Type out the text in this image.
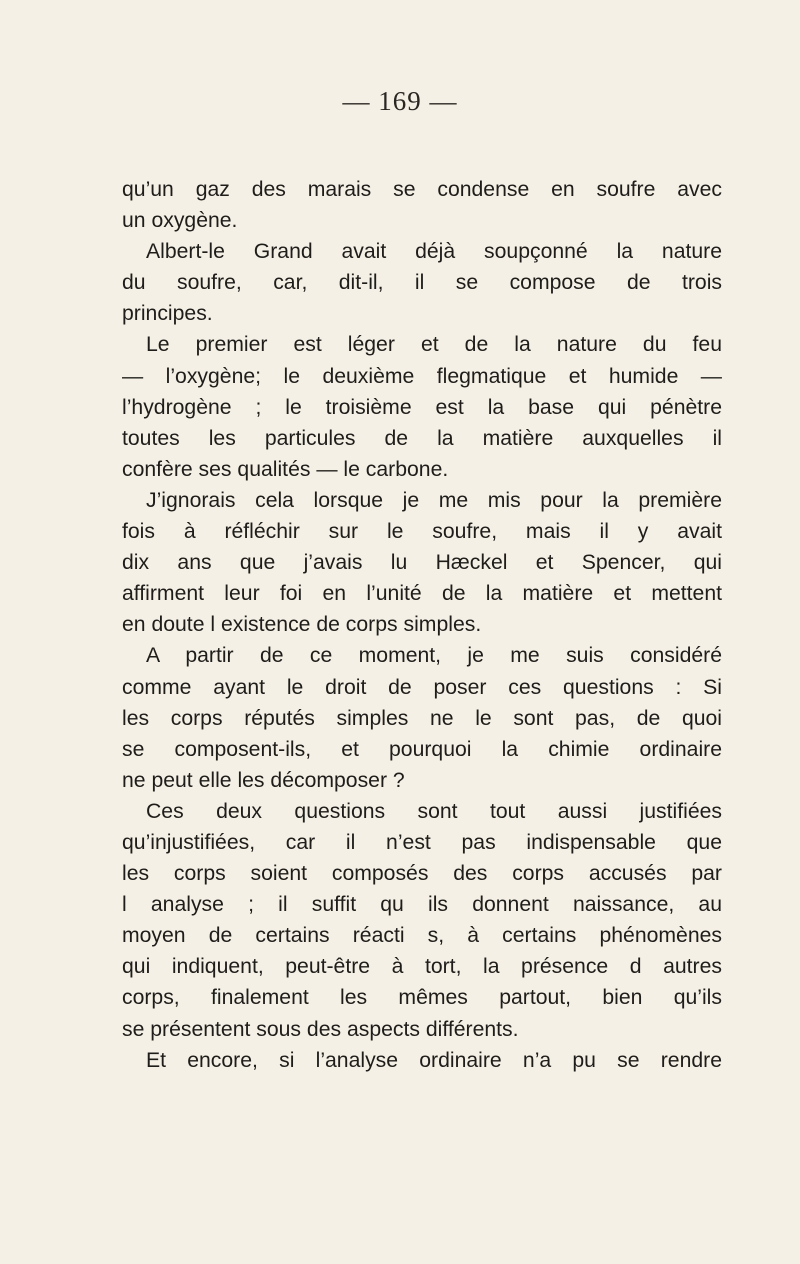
— 169 —
qu’un gaz des marais se condense en soufre avec
un oxygène.
Albert-le Grand avait déjà soupçonné la nature
du soufre, car, dit-il, il se compose de trois
principes.
Le premier est léger et de la nature du feu
— l’oxygène; le deuxième flegmatique et humide —
l’hydrogène ; le troisième est la base qui pénètre
toutes les particules de la matière auxquelles il
confère ses qualités — le carbone.
J’ignorais cela lorsque je me mis pour la première
fois à réfléchir sur le soufre, mais il y avait
dix ans que j’avais lu Hæckel et Spencer, qui
affirment leur foi en l’unité de la matière et mettent
en doute l existence de corps simples.
A partir de ce moment, je me suis considéré
comme ayant le droit de poser ces questions : Si
les corps réputés simples ne le sont pas, de quoi
se composent-ils, et pourquoi la chimie ordinaire
ne peut elle les décomposer ?
Ces deux questions sont tout aussi justifiées
qu’injustifiées, car il n’est pas indispensable que
les corps soient composés des corps accusés par
l analyse ; il suffit qu ils donnent naissance, au
moyen de certains réacti s, à certains phénomènes
qui indiquent, peut-être à tort, la présence d autres
corps, finalement les mêmes partout, bien qu’ils
se présentent sous des aspects différents.
Et encore, si l’analyse ordinaire n’a pu se rendre
